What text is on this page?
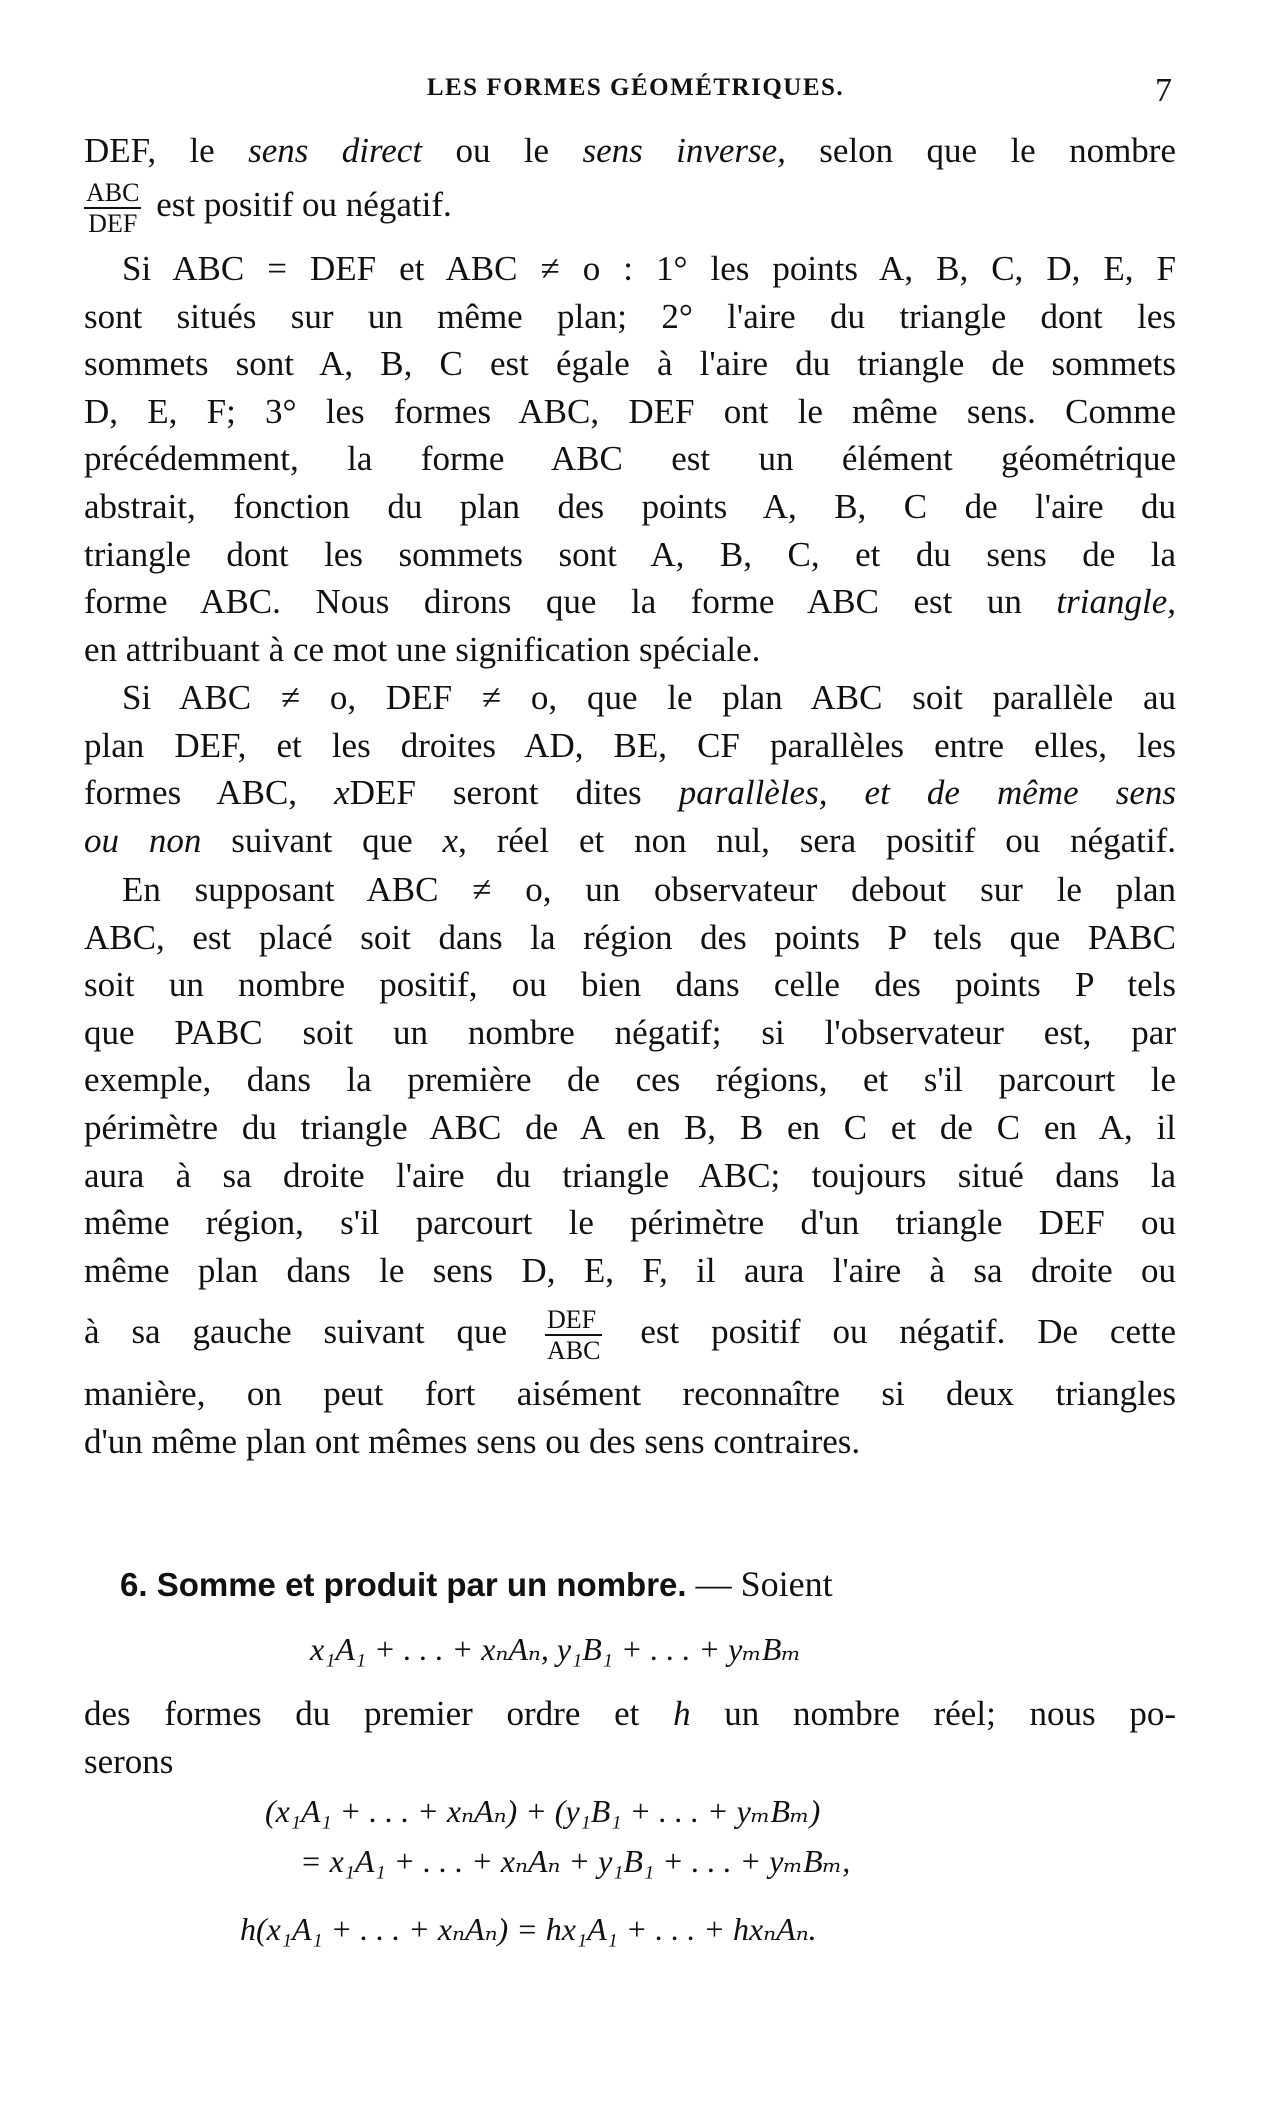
LES FORMES GÉOMÉTRIQUES.	7
DEF, le sens direct ou le sens inverse, selon que le nombre
$\frac{\text{ABC}}{\text{DEF}}$ est positif ou négatif.
Si ABC = DEF et ABC ≠ o : 1° les points A, B, C, D, E, F
sont situés sur un même plan; 2° l'aire du triangle dont les
sommets sont A, B, C est égale à l'aire du triangle de sommets
D, E, F; 3° les formes ABC, DEF ont le même sens. Comme
précédemment, la forme ABC est un élément géométrique
abstrait, fonction du plan des points A, B, C de l'aire du
triangle dont les sommets sont A, B, C, et du sens de la
forme ABC. Nous dirons que la forme ABC est un triangle,
en attribuant à ce mot une signification spéciale.
Si ABC ≠ o, DEF ≠ o, que le plan ABC soit parallèle au
plan DEF, et les droites AD, BE, CF parallèles entre elles, les
formes ABC, xDEF seront dites parallèles, et de même sens
ou non suivant que x, réel et non nul, sera positif ou négatif.
En supposant ABC ≠ o, un observateur debout sur le plan
ABC, est placé soit dans la région des points P tels que PABC
soit un nombre positif, ou bien dans celle des points P tels
que PABC soit un nombre négatif; si l'observateur est, par
exemple, dans la première de ces régions, et s'il parcourt le
périmètre du triangle ABC de A en B, B en C et de C en A, il
aura à sa droite l'aire du triangle ABC; toujours situé dans la
même région, s'il parcourt le périmètre d'un triangle DEF ou
même plan dans le sens D, E, F, il aura l'aire à sa droite ou
à sa gauche suivant que $\frac{\text{DEF}}{\text{ABC}}$ est positif ou négatif. De cette
manière, on peut fort aisément reconnaître si deux triangles
d'un même plan ont mêmes sens ou des sens contraires.
6. Somme et produit par un nombre. — Soient
x₁A₁ + . . . + xₙAₙ, y₁B₁ + . . . + yₘBₘ
des formes du premier ordre et h un nombre réel; nous po-
serons
(x₁A₁ + . . . + xₙAₙ) + (y₁B₁ + . . . + yₘBₘ)
= x₁A₁ + . . . + xₙAₙ + y₁B₁ + . . . + yₘBₘ,
h(x₁A₁ + . . . + xₙAₙ) = hx₁A₁ + . . . + hxₙAₙ.
